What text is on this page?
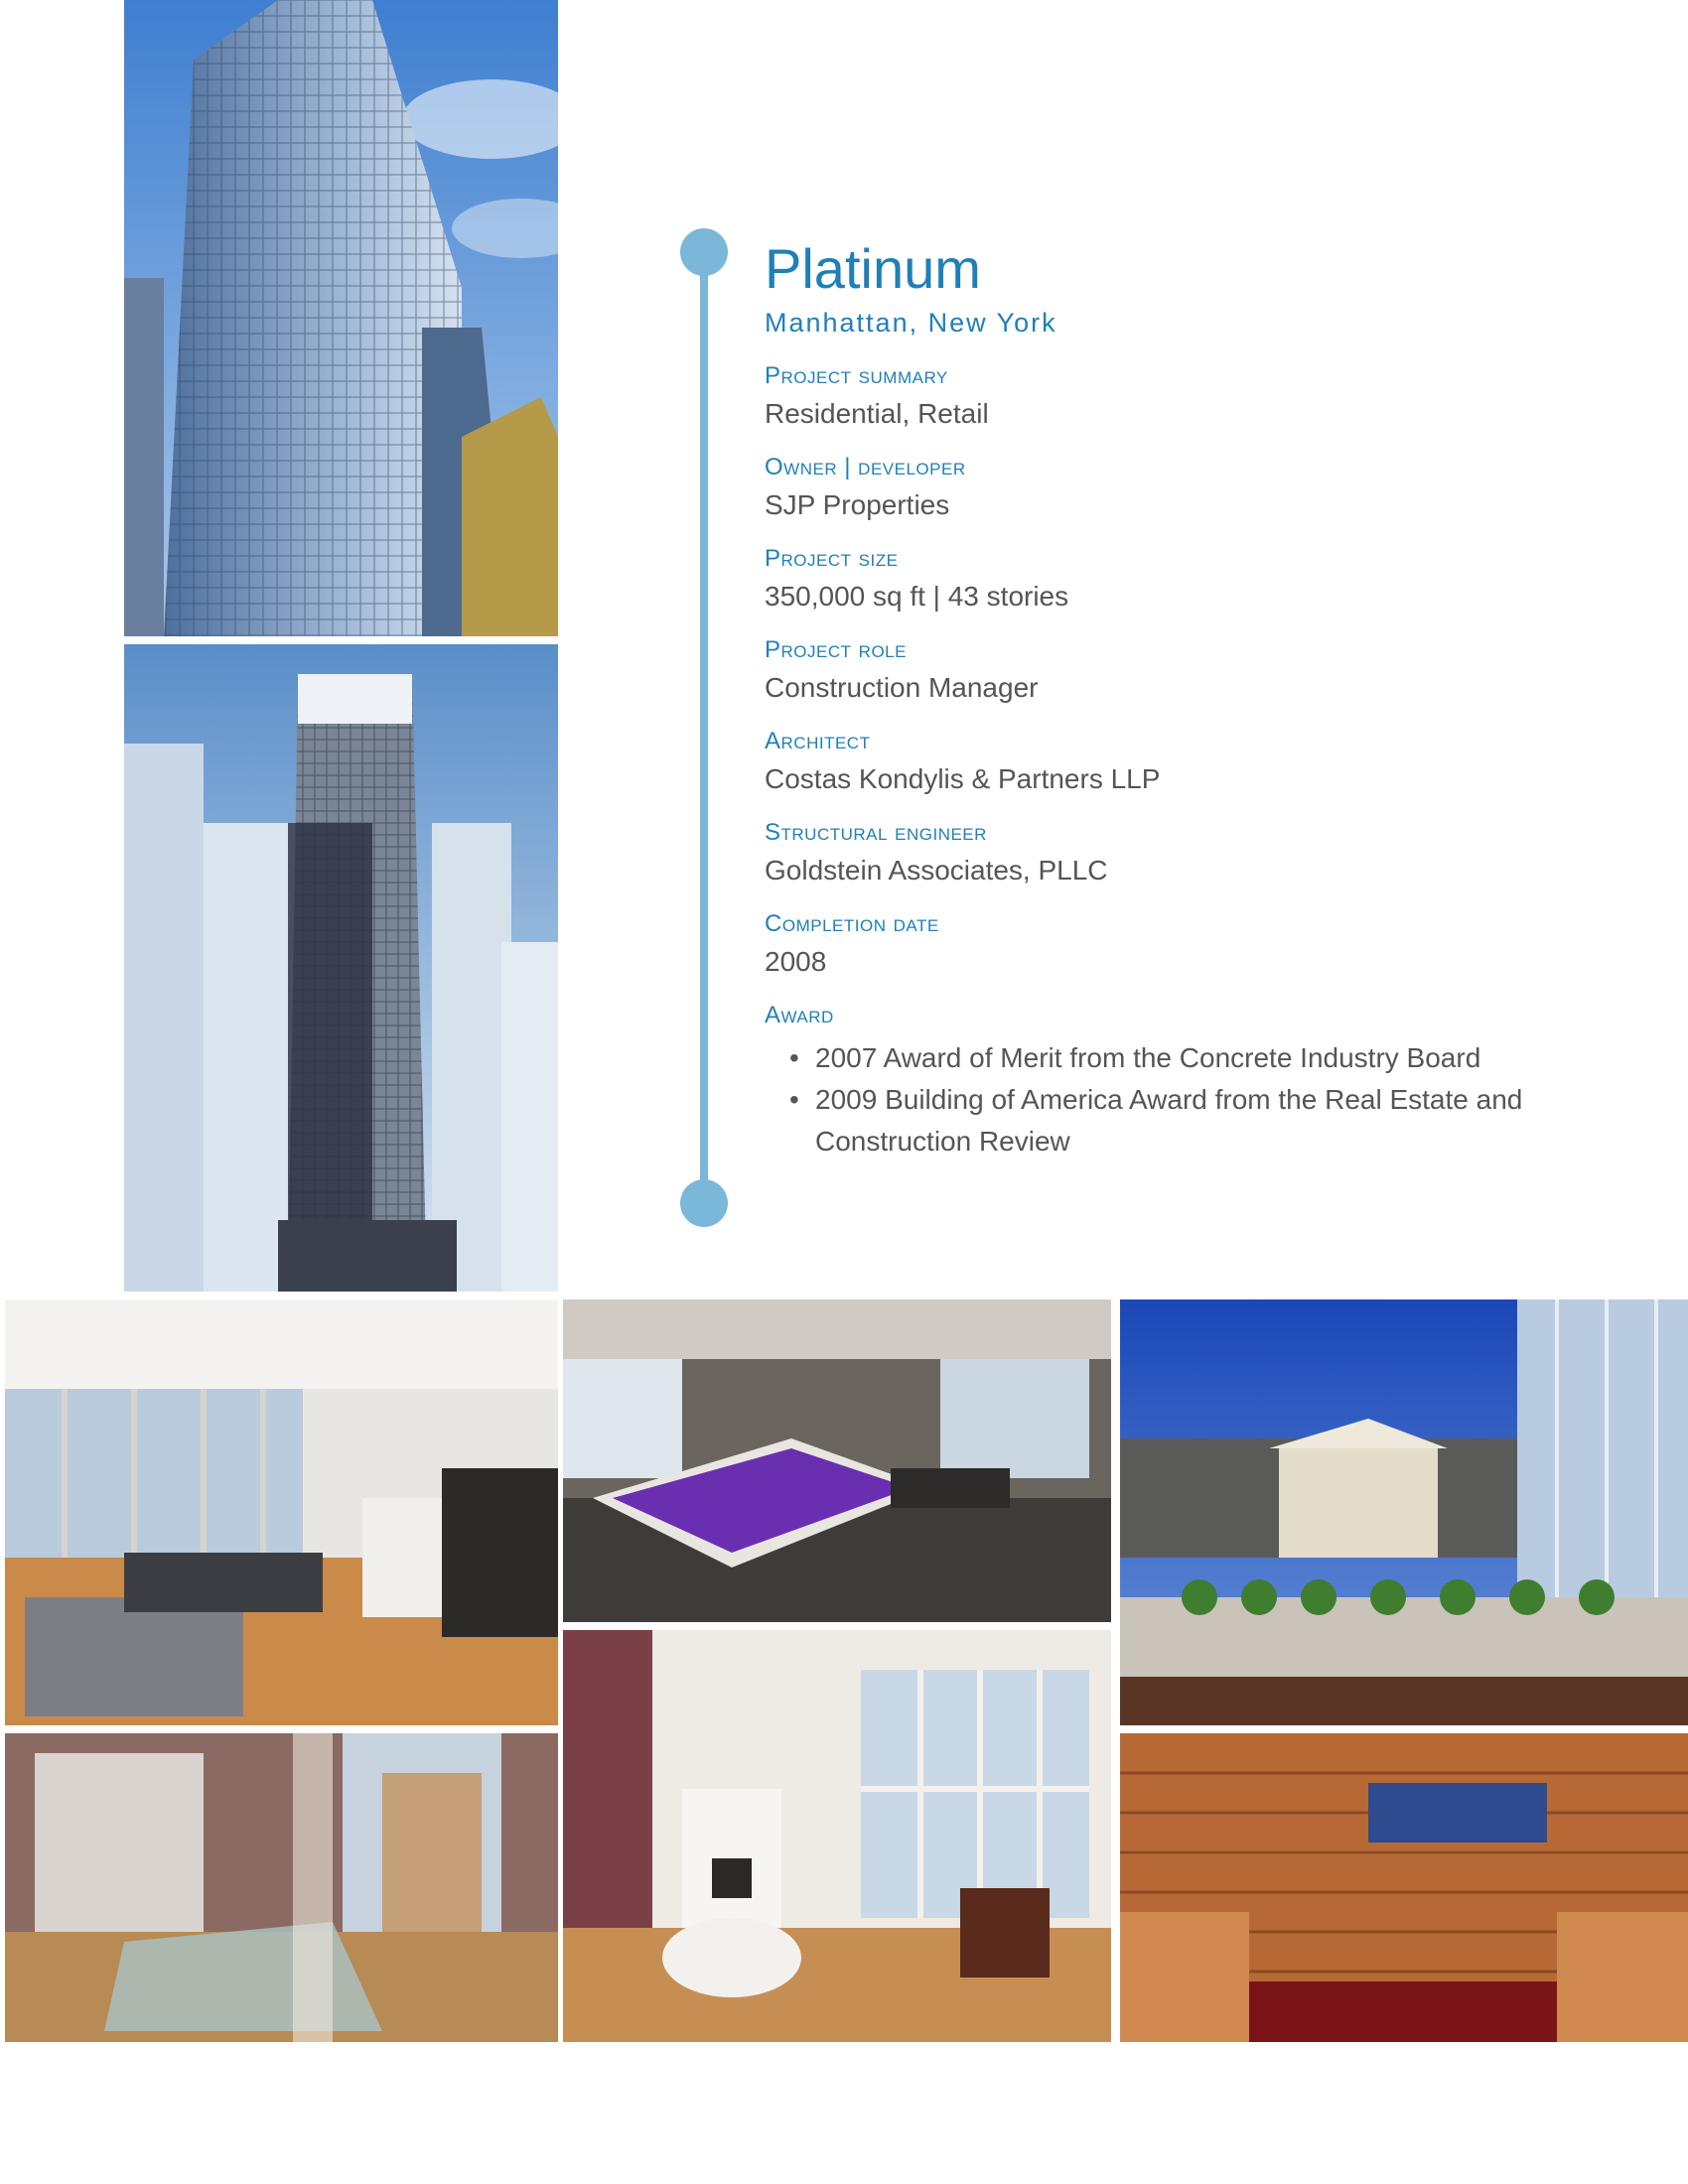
Platinum
Manhattan, New York
Project summary
Residential, Retail
Owner | developer
SJP Properties
Project size
350,000 sq ft | 43 stories
Project role
Construction Manager
Architect
Costas Kondylis & Partners LLP
Structural engineer
Goldstein Associates, PLLC
Completion date
2008
Award
• 2007 Award of Merit from the Concrete Industry Board
• 2009 Building of America Award from the Real Estate and Construction Review
